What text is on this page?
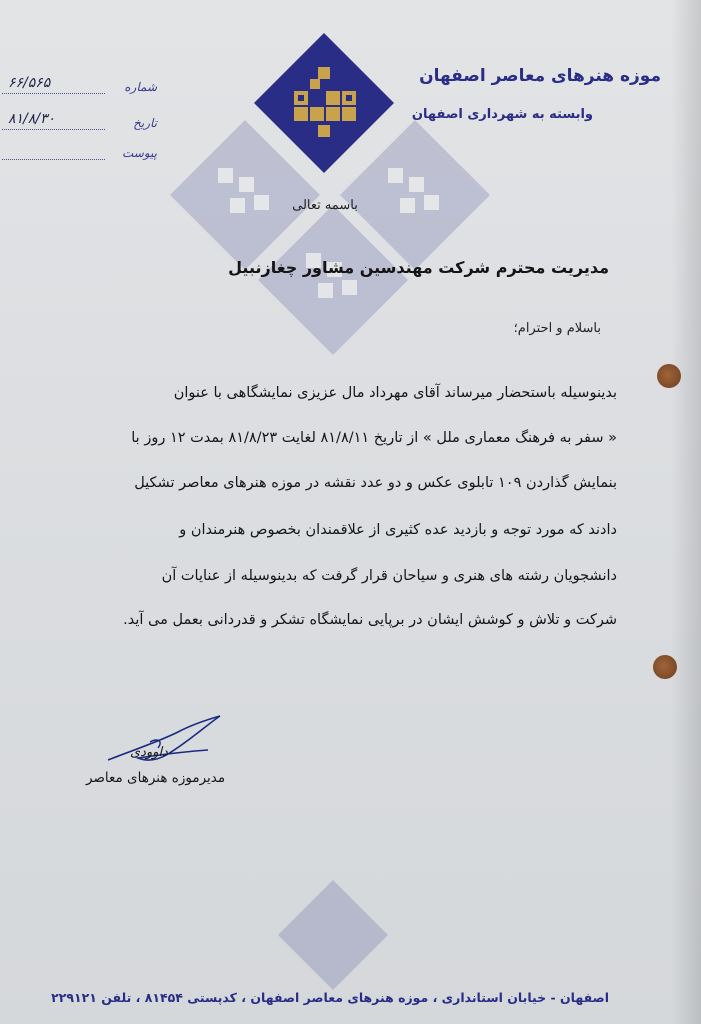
موزه هنرهای معاصر اصفهان
وابسته به شهرداری اصفهان
شماره
۶۶/۵۶۵
تاریخ
۸۱/۸/۳۰
پیوست
باسمه تعالی
مدیریت محترم شرکت مهندسین مشاور چغازنبیل
باسلام و احترام؛
بدینوسیله باستحضار میرساند آقای مهرداد مال عزیزی نمایشگاهی با عنوان
« سفر به فرهنگ معماری ملل » از تاریخ ۸۱/۸/۱۱ لغایت ۸۱/۸/۲۳ بمدت ۱۲ روز با
بنمایش گذاردن ۱۰۹ تابلوی عکس و دو عدد نقشه در موزه هنرهای معاصر تشکیل
دادند که مورد توجه و بازدید عده کثیری از علاقمندان بخصوص هنرمندان و
دانشجویان رشته های هنری و سیاحان قرار گرفت که بدینوسیله از عنایات آن
شرکت و تلاش و کوشش ایشان در برپایی نمایشگاه تشکر و قدردانی بعمل می آید.
داوودی
مدیرموزه هنرهای معاصر
اصفهان - خیابان استانداری ، موزه هنرهای معاصر اصفهان ، کدپستی ۸۱۴۵۴ ، تلفن ۲۲۹۱۲۱
